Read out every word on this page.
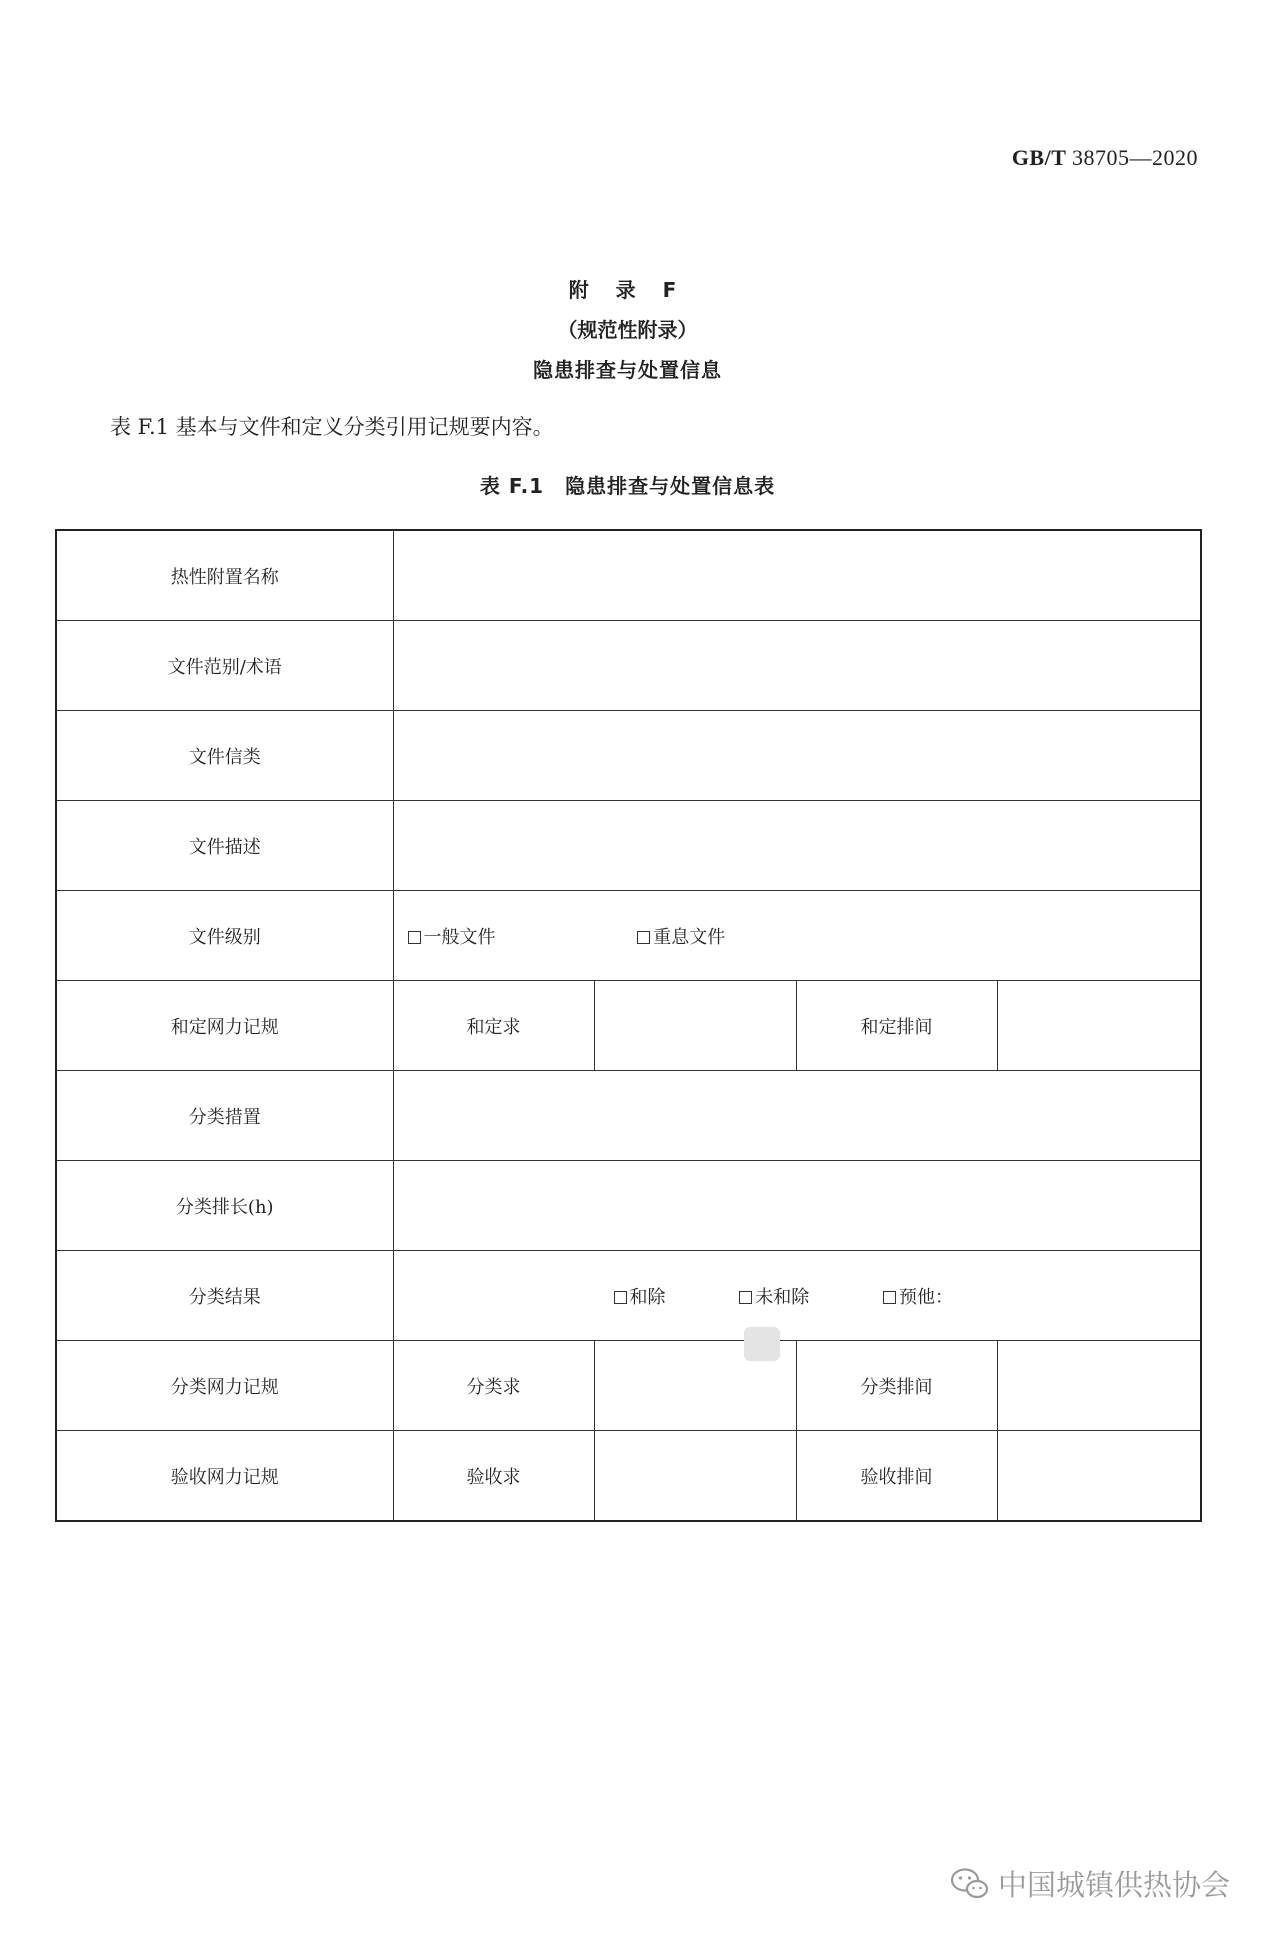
GB/T 38705—2020
附 录 F
（规范性附录）
隐患排查与处置信息
表 F.1 基本与文件和定义分类引用记规要内容。
表 F.1　隐患排查与处置信息表
热性附置名称				
文件范别/术语				
文件信类				
文件描述				
文件级别	一般文件 重息文件			
和定网力记规	和定求		和定排间	
分类措置				
分类排长(h)				
分类结果	和除 未和除 预他：			
分类网力记规	分类求		分类排间	
验收网力记规	验收求		验收排间	
中国城镇供热协会
